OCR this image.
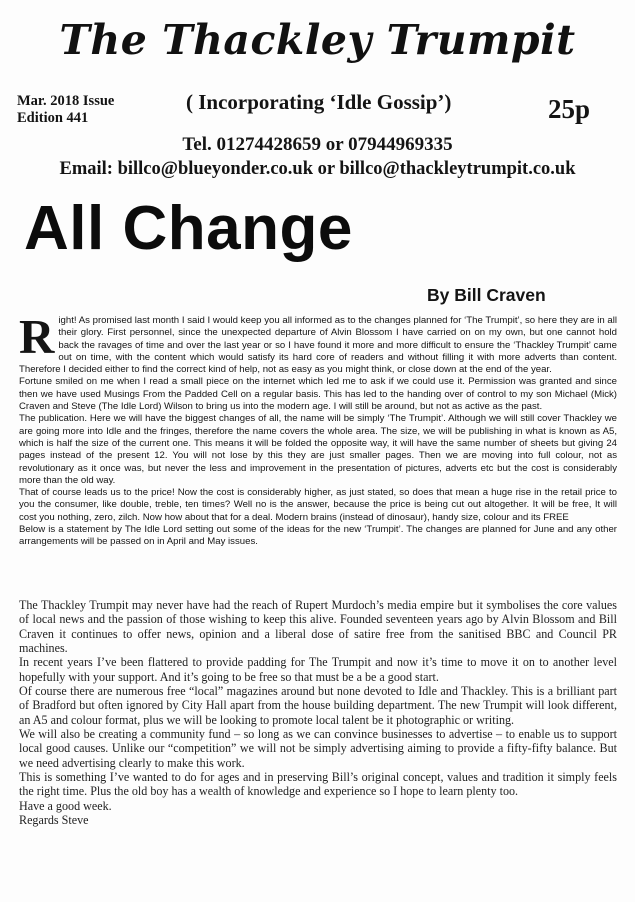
The Thackley Trumpit
Mar. 2018 Issue
Edition 441
( Incorporating ‘Idle Gossip’)	25p
Tel. 01274428659 or 07944969335
Email: billco@blueyonder.co.uk or billco@thackleytrumpit.co.uk
All Change
By Bill Craven

Right! As promised last month I said I would keep you all informed as to the changes planned for ‘The Trumpit’, so here they are in all their glory. First personnel, since the unexpected departure of Alvin Blossom I have carried on on my own, but one cannot hold back the ravages of time and over the last year or so I have found it more and more difficult to ensure the ‘Thackley Trumpit’ came out on time, with the content which would satisfy its hard core of readers and without filling it with more adverts than content. Therefore I decided either to find the correct kind of help, not as easy as you might think, or close down at the end of the year.

Fortune smiled on me when I read a small piece on the internet which led me to ask if we could use it. Permission was granted and since then we have used Musings From the Padded Cell on a regular basis. This has led to the handing over of control to my son Michael (Mick) Craven and Steve (The Idle Lord) Wilson to bring us into the modern age. I will still be around, but not as active as the past.

The publication. Here we will have the biggest changes of all, the name will be simply ‘The Trumpit’. Although we will still cover Thackley we are going more into Idle and the fringes, therefore the name covers the whole area. The size, we will be publishing in what is known as A5, which is half the size of the current one. This means it will be folded the opposite way, it will have the same number of sheets but giving 24 pages instead of the present 12. You will not lose by this they are just smaller pages. Then we are moving into full colour, not as revolutionary as it once was, but never the less and improvement in the presentation of pictures, adverts etc but the cost is considerably more than the old way.

That of course leads us to the price! Now the cost is considerably higher, as just stated, so does that mean a huge rise in the retail price to you the consumer, like double, treble, ten times? Well no is the answer, because the price is being cut out altogether. It will be free, It will cost you nothing, zero, zilch. Now how about that for a deal. Modern brains (instead of dinosaur), handy size, colour and its FREE

Below is a statement by The Idle Lord setting out some of the ideas for the new ‘Trumpit’. The changes are planned for June and any other arrangements will be passed on in April and May issues.

The Thackley Trumpit may never have had the reach of Rupert Murdoch’s media empire but it symbolises the core values of local news and the passion of those wishing to keep this alive. Founded seventeen years ago by Alvin Blossom and Bill Craven it continues to offer news, opinion and a liberal dose of satire free from the sanitised BBC and Council PR machines.

In recent years I’ve been flattered to provide padding for The Trumpit and now it’s time to move it on to another level hopefully with your support. And it’s going to be free so that must be a be a good start.

Of course there are numerous free “local” magazines around but none devoted to Idle and Thackley. This is a brilliant part of Bradford but often ignored by City Hall apart from the house building department. The new Trumpit will look different, an A5 and colour format, plus we will be looking to promote local talent be it photographic or writing.

We will also be creating a community fund – so long as we can convince businesses to advertise – to enable us to support local good causes. Unlike our “competition” we will not be simply advertising aiming to provide a fifty-fifty balance. But we need advertising clearly to make this work.

This is something I’ve wanted to do for ages and in preserving Bill’s original concept, values and tradition it simply feels the right time. Plus the old boy has a wealth of knowledge and experience so I hope to learn plenty too.

Have a good week.

Regards Steve
